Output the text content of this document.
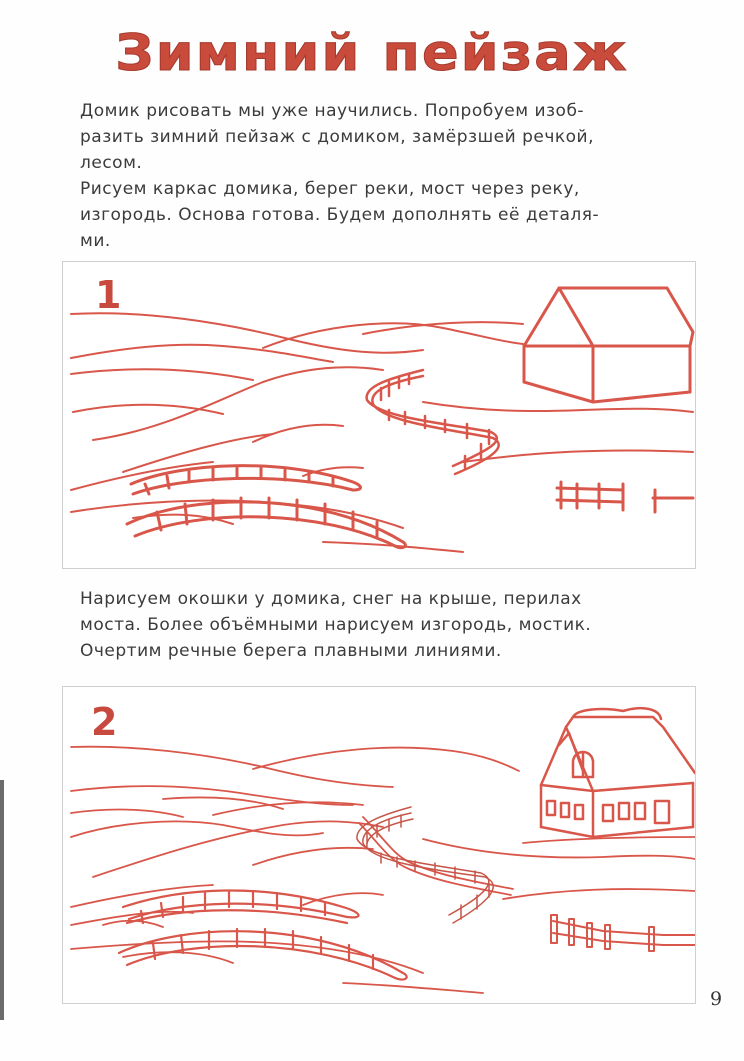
Зимний пейзаж

Домик рисовать мы уже научились. Попробуем изоб-

разить зимний пейзаж с домиком, замёрзшей речкой,

лесом.

Рисуем каркас домика, берег реки, мост через реку,

изгородь. Основа готова. Будем дополнять её деталя-

ми.

1

Нарисуем окошки у домика, снег на крыше, перилах

моста. Более объёмными нарисуем изгородь, мостик.

Очертим речные берега плавными линиями.

2
9
